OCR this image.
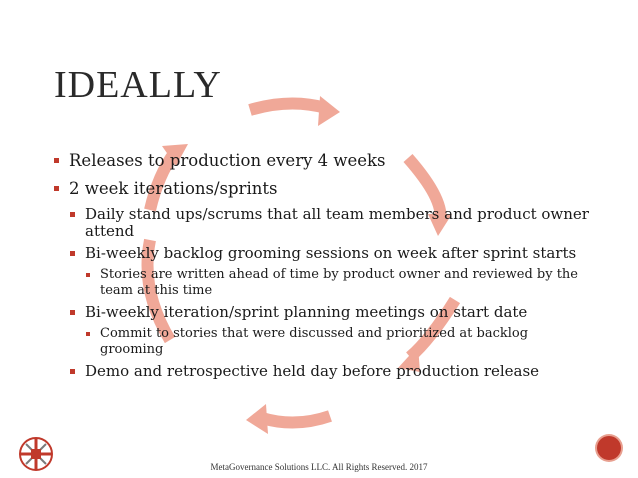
IDEALLY

Releases to production every 4 weeks

2 week iterations/sprints

Daily stand ups/scrums that all team members and product owner attend

Bi-weekly backlog grooming sessions on week after sprint starts

Stories are written ahead of time by product owner and reviewed by the team at this time

Bi-weekly iteration/sprint planning meetings on start date

Commit to stories that were discussed and prioritized at backlog grooming

Demo and retrospective held day before production release

MetaGovernance Solutions LLC. All Rights Reserved. 2017
